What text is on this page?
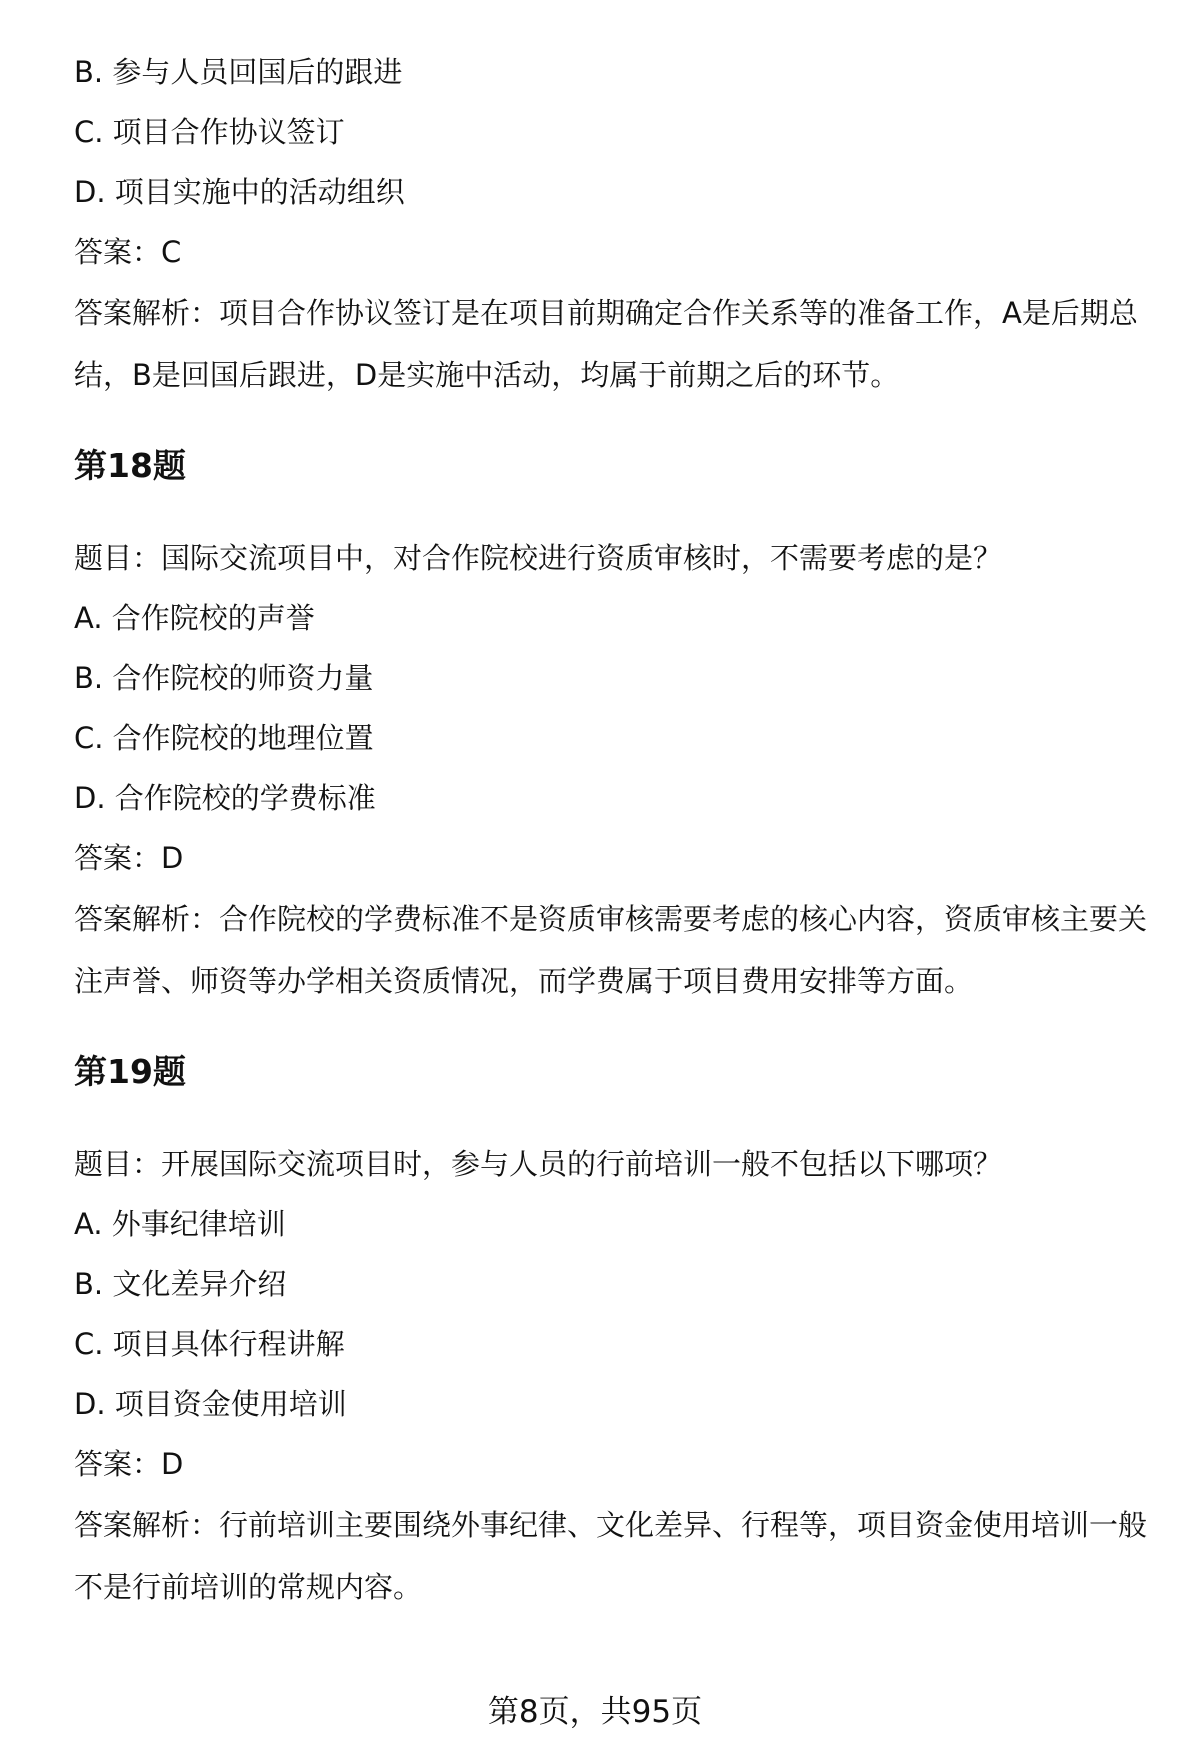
B. 参与人员回国后的跟进
C. 项目合作协议签订
D. 项目实施中的活动组织
答案：C
答案解析：项目合作协议签订是在项目前期确定合作关系等的准备工作，A是后期总结，B是回国后跟进，D是实施中活动，均属于前期之后的环节。
第18题
题目：国际交流项目中，对合作院校进行资质审核时，不需要考虑的是？
A. 合作院校的声誉
B. 合作院校的师资力量
C. 合作院校的地理位置
D. 合作院校的学费标准
答案：D
答案解析：合作院校的学费标准不是资质审核需要考虑的核心内容，资质审核主要关注声誉、师资等办学相关资质情况，而学费属于项目费用安排等方面。
第19题
题目：开展国际交流项目时，参与人员的行前培训一般不包括以下哪项？
A. 外事纪律培训
B. 文化差异介绍
C. 项目具体行程讲解
D. 项目资金使用培训
答案：D
答案解析：行前培训主要围绕外事纪律、文化差异、行程等，项目资金使用培训一般不是行前培训的常规内容。
第8页，共95页
